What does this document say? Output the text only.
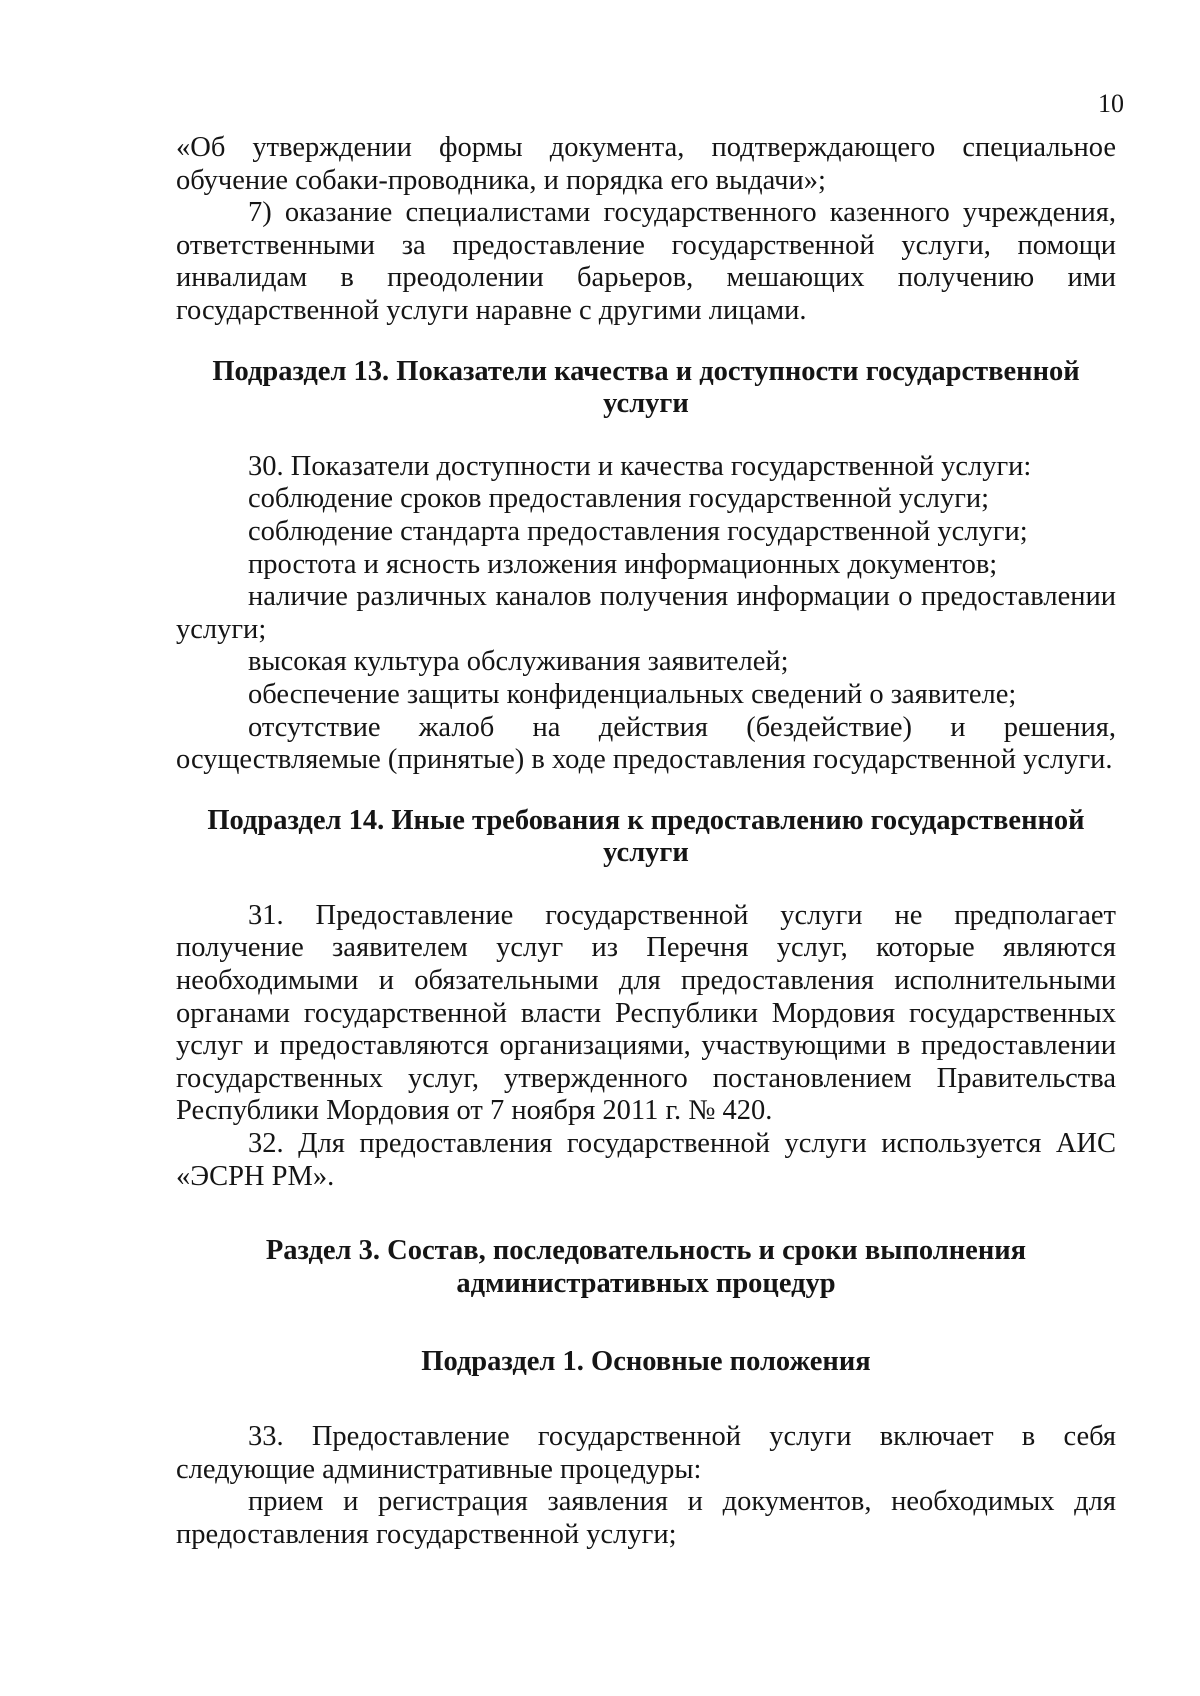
10

«Об утверждении формы документа, подтверждающего специальное обучение собаки-проводника, и порядка его выдачи»;

7) оказание специалистами государственного казенного учреждения, ответственными за предоставление государственной услуги, помощи инвалидам в преодолении барьеров, мешающих получению ими государственной услуги наравне с другими лицами.

Подраздел 13. Показатели качества и доступности государственной
услуги

30. Показатели доступности и качества государственной услуги:

соблюдение сроков предоставления государственной услуги;

соблюдение стандарта предоставления государственной услуги;

простота и ясность изложения информационных документов;

наличие различных каналов получения информации о предоставлении услуги;

высокая культура обслуживания заявителей;

обеспечение защиты конфиденциальных сведений о заявителе;

отсутствие жалоб на действия (бездействие) и решения, осуществляемые (принятые) в ходе предоставления государственной услуги.

Подраздел 14. Иные требования к предоставлению государственной
услуги

31. Предоставление государственной услуги не предполагает получение заявителем услуг из Перечня услуг, которые являются необходимыми и обязательными для предоставления исполнительными органами государственной власти Республики Мордовия государственных услуг и предоставляются организациями, участвующими в предоставлении государственных услуг, утвержденного постановлением Правительства Республики Мордовия от 7 ноября 2011 г. № 420.

32. Для предоставления государственной услуги используется АИС «ЭСРН РМ».

Раздел 3. Состав, последовательность и сроки выполнения
административных процедур
Подраздел 1. Основные положения

33. Предоставление государственной услуги включает в себя следующие административные процедуры:

прием и регистрация заявления и документов, необходимых для предоставления государственной услуги;
